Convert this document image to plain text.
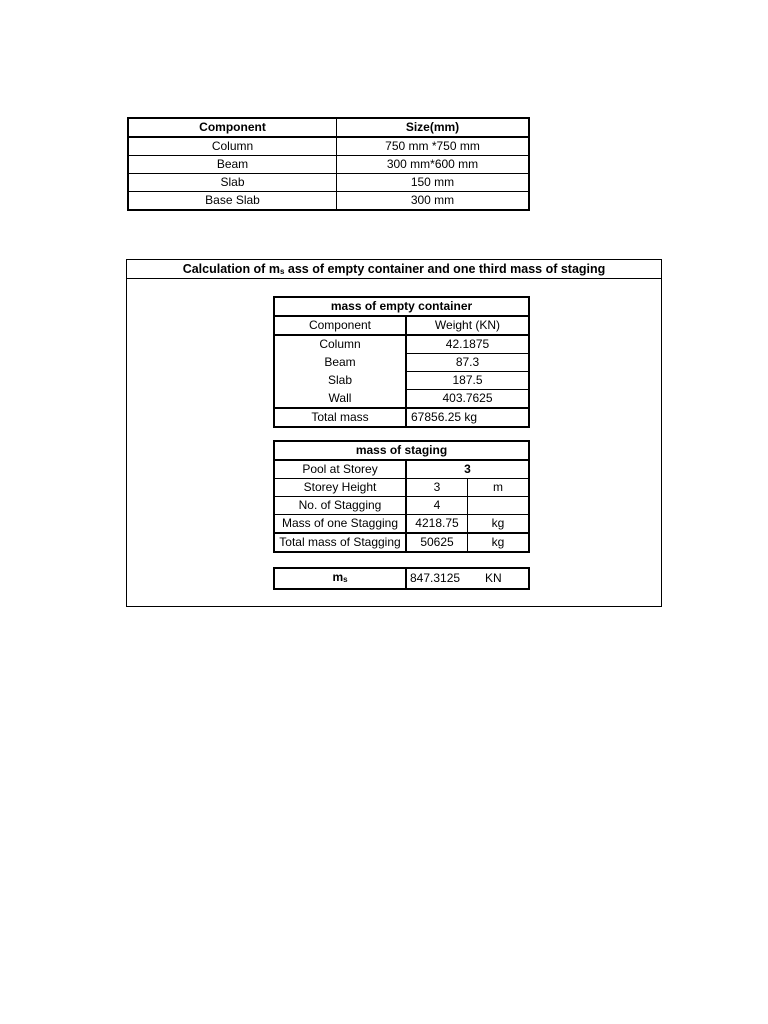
Component	Size(mm)
Column	750 mm *750 mm
Beam	300 mm*600 mm
Slab	150 mm
Base Slab	300 mm
Calculation of $m_s$ ass of empty container and one third mass of staging
mass of empty container	
Component	Weight (KN)
Column	42.1875
Beam	87.3
Slab	187.5
Wall	403.7625
Total mass	67856.25 kg
mass of staging		
Pool at Storey	3	
Storey Height	3	m
No. of Stagging	4	
Mass of one Stagging	4218.75	kg
Total mass of Stagging	50625	kg
$m_s$	847.3125	KN
